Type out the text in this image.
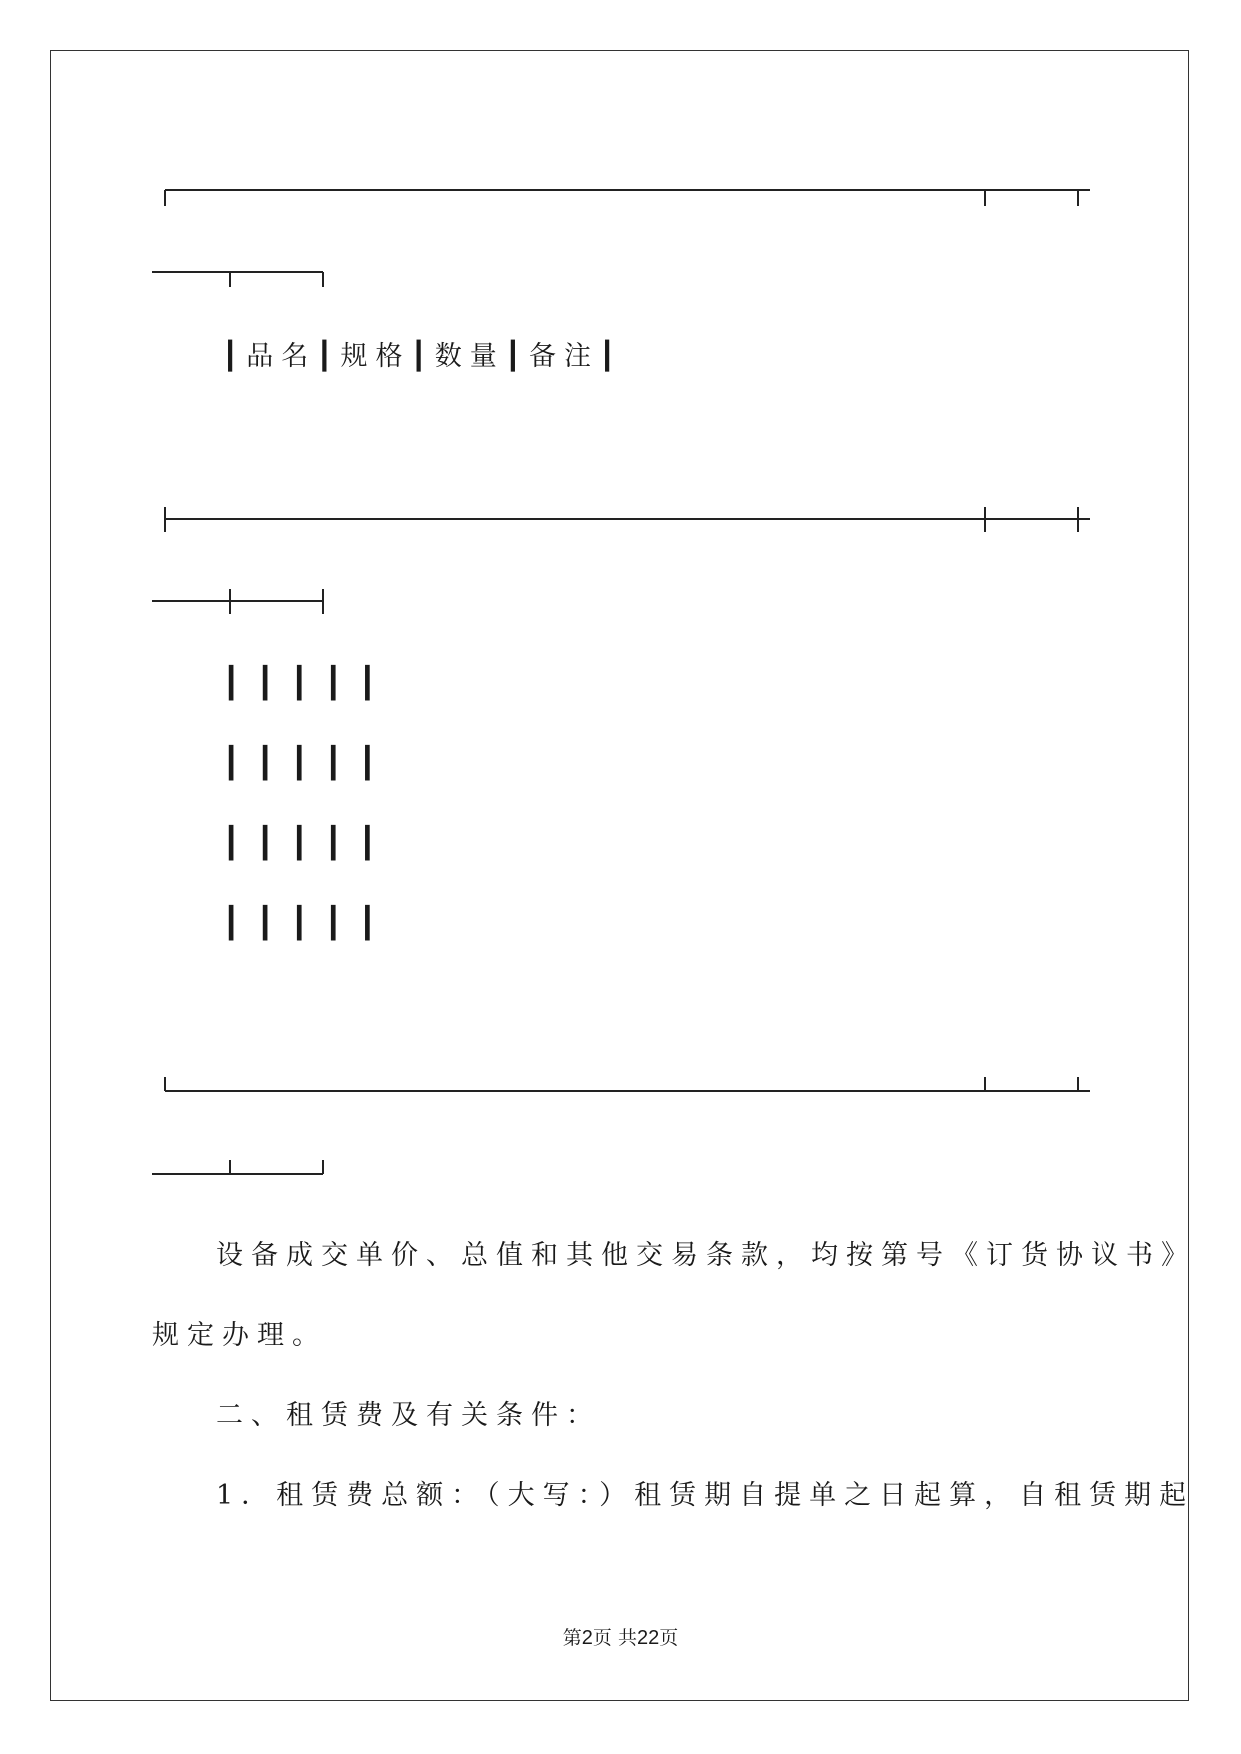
┃品名┃规格┃数量┃备注┃
┃┃┃┃┃
┃┃┃┃┃
┃┃┃┃┃
┃┃┃┃┃
设备成交单价、总值和其他交易条款，均按第号《订货协议书》
规定办理。
二、租赁费及有关条件：
1．租赁费总额：（大写：）租赁期自提单之日起算，自租赁期起
第2页 共22页
